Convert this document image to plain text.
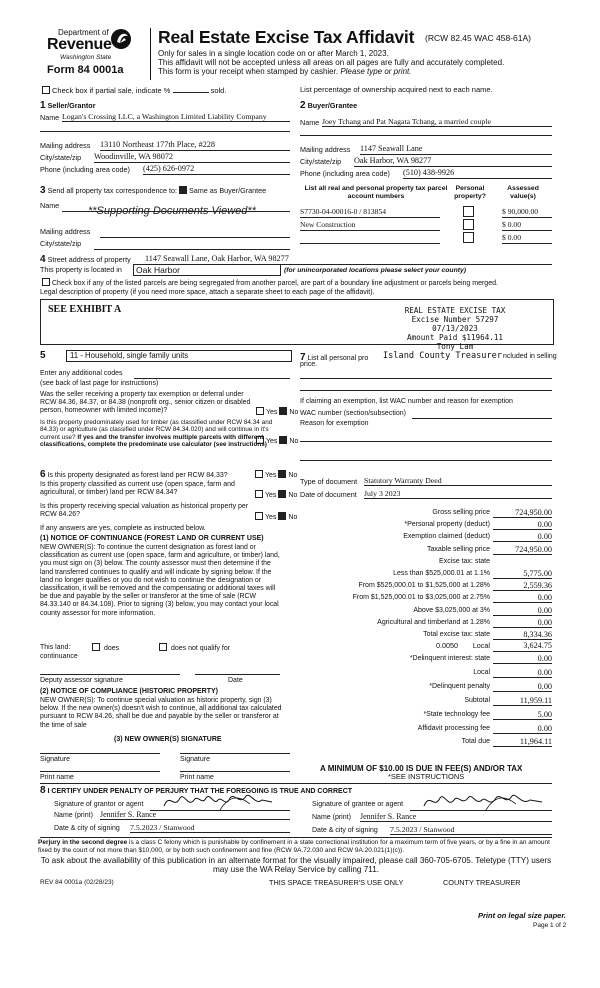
Department of
Revenue
Washington State
Form 84 0001a
Real Estate Excise Tax Affidavit (RCW 82.45 WAC 458-61A)
Only for sales in a single location code on or after March 1, 2023.
This affidavit will not be accepted unless all areas on all pages are fully and accurately completed.
This form is your receipt when stamped by cashier. Please type or print.
Check box if partial sale, indicate %	sold.	List percentage of ownership acquired next to each name.
1 Seller/Grantor
Name Logan's Crossing LLC, a Washington Limited Liability Company
Mailing address 13110 Northeast 177th Place, #228
City/state/zip Woodinville, WA 98072
Phone (including area code) (425) 626-0972
2 Buyer/Grantee
Name Joey Tchang and Pat Nagata Tchang, a married couple
Mailing address 1147 Seawall Lane
City/state/zip Oak Harbor, WA 98277
Phone (including area code) (510) 438-9926
3 Send all property tax correspondence to: Same as Buyer/Grantee
Name	**Supporting Documents Viewed**
Mailing address
City/state/zip
List all real and personal property tax parcel account numbers
Personal property?
Assessed value(s)
S7730-04-00016-0 / 813854	$ 90,000.00
New Construction	$ 0.00
$ 0.00
4 Street address of property 1147 Seawall Lane, Oak Harbor, WA 98277
This property is located in Oak Harbor	(for unincorporated locations please select your county)
Check box if any of the listed parcels are being segregated from another parcel, are part of a boundary line adjustment or parcels being merged.
Legal description of property (if you need more space, attach a separate sheet to each page of the affidavit).
SEE EXHIBIT A	REAL ESTATE EXCISE TAX
Excise Number 57297
07/13/2023
Amount Paid $11964.11
Tony Lam
5	11 - Household, single family units
Enter any additional codes
(see back of last page for instructions)
Was the seller receiving a property tax exemption or deferral under RCW 84.36, 84.37, or 84.38 (nonprofit org., senior citizen or disabled person, homeowner with limited income)?	Yes No
Is this property predominately used for timber (as classified under RCW 84.34 and 84.33) or agriculture (as classified under RCW 84.34.020) and will continue in it's current use? If yes and the transfer involves multiple parcels with different classifications, complete the predominate use calculator (see instructions) Yes No
7 List all personal pro Island County Treasurer ncluded in selling
price.
If claiming an exemption, list WAC number and reason for exemption
WAC number (section/subsection)
Reason for exemption
Type of document Statutory Warranty Deed
Date of document July 3 2023
6 Is this property designated as forest land per RCW 84.33?	Yes No
Is this property classified as current use (open space, farm and agricultural, or timber) land per RCW 84.34?	Yes No
Is this property receiving special valuation as historical property per RCW 84.26?	Yes No
If any answers are yes, complete as instructed below.
(1) NOTICE OF CONTINUANCE (FOREST LAND OR CURRENT USE)
NEW OWNER(S): To continue the current designation as forest land or classification as current use (open space, farm and agriculture, or timber) land, you must sign on (3) below. The county assessor must then determine if the land transferred continues to qualify and will indicate by signing below. If the land no longer qualifies or you do not wish to continue the designation or classification, it will be removed and the compensating or additional taxes will be due and payable by the seller or transferor at the time of sale (RCW 84.33.140 or 84.34.108). Prior to signing (3) below, you may contact your local county assessor for more information.
This land:	does	does not qualify for
continuance
Deputy assessor signature	Date
(2) NOTICE OF COMPLIANCE (HISTORIC PROPERTY)
NEW OWNER(S): To continue special valuation as historic property, sign (3) below. If the new owner(s) doesn't wish to continue, all additional tax calculated pursuant to RCW 84.26, shall be due and payable by the seller or transferor at the time of sale
(3) NEW OWNER(S) SIGNATURE
Signature	Signature
Print name	Print name
Gross selling price	724,950.00
*Personal property (deduct)	0.00
Exemption claimed (deduct)	0.00
Taxable selling price	724,950.00
Excise tax: state
Less than $525,000.01 at 1.1%	5,775.00
From $525,000.01 to $1,525,000 at 1.28%	2,559.36
From $1,525,000.01 to $3,025,000 at 2.75%	0.00
Above $3,025,000 at 3%	0.00
Agricultural and timberland at 1.28%	0.00
Total excise tax: state	8,334.36
0.0050	Local	3,624.75
*Delinquent interest: state	0.00
Local	0.00
*Delinquent penalty	0.00
Subtotal	11,959.11
*State technology fee	5.00
Affidavit processing fee	0.00
Total due	11,964.11
A MINIMUM OF $10.00 IS DUE IN FEE(S) AND/OR TAX
*SEE INSTRUCTIONS
8 I CERTIFY UNDER PENALTY OF PERJURY THAT THE FOREGOING IS TRUE AND CORRECT
Signature of grantor or agent
Name (print) Jennifer S. Rance
Date & city of signing 7.5.2023 / Stanwood
Signature of grantee or agent
Name (print) Jennifer S. Rance
Date & city of signing 7.5.2023 / Stanwood
Perjury in the second degree is a class C felony which is punishable by confinement in a state correctional institution for a maximum term of five years, or by a fine in an amount fixed by the court of not more than $10,000, or by both such confinement and fine (RCW 9A.72.030 and RCW 9A.20.021(1)(c)).
To ask about the availability of this publication in an alternate format for the visually impaired, please call 360-705-6705. Teletype (TTY) users may use the WA Relay Service by calling 711.
REV 84 0001a (02/28/23)	THIS SPACE TREASURER'S USE ONLY	COUNTY TREASURER
Print on legal size paper.
Page 1 of 2
